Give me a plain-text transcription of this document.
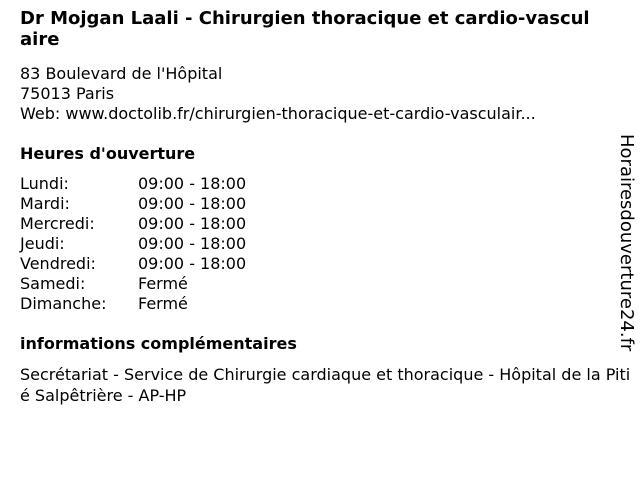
Dr Mojgan Laali - Chirurgien thoracique et cardio-vasculaire
83 Boulevard de l'Hôpital
75013 Paris
Web: www.doctolib.fr/chirurgien-thoracique-et-cardio-vasculair...
Heures d'ouverture
Lundi:	09:00 - 18:00
Mardi:	09:00 - 18:00
Mercredi:	09:00 - 18:00
Jeudi:	09:00 - 18:00
Vendredi:	09:00 - 18:00
Samedi:	Fermé
Dimanche:	Fermé
informations complémentaires
Secrétariat - Service de Chirurgie cardiaque et thoracique - Hôpital de la Pitié Salpêtrière - AP-HP
Horairesdouverture24.fr
